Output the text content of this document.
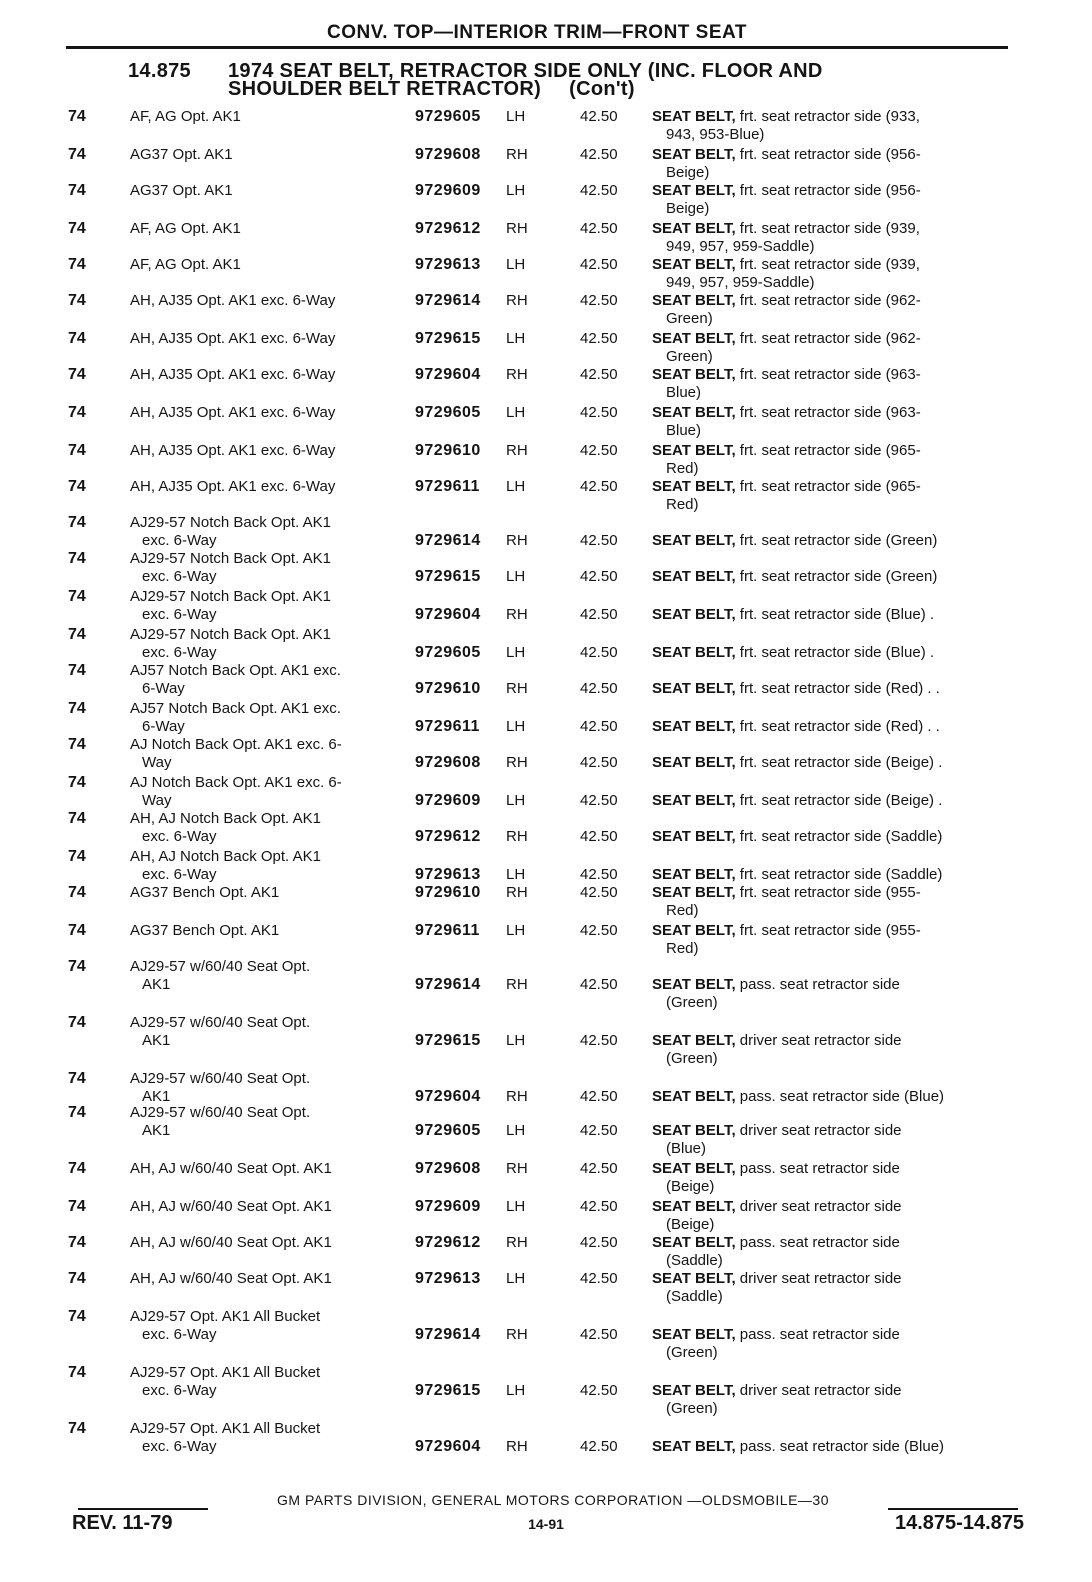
CONV. TOP—INTERIOR TRIM—FRONT SEAT
14.875 1974 SEAT BELT, RETRACTOR SIDE ONLY (INC. FLOOR AND
SHOULDER BELT RETRACTOR) (Con't)
74	AF, AG Opt. AK1	9729605 LH	42.50 SEAT BELT, frt. seat retractor side (933,
943, 953-Blue)
74	AG37 Opt. AK1	9729608 RH	42.50 SEAT BELT, frt. seat retractor side (956-
Beige)
74	AG37 Opt. AK1	9729609 LH	42.50 SEAT BELT, frt. seat retractor side (956-
Beige)
74	AF, AG Opt. AK1	9729612 RH	42.50 SEAT BELT, frt. seat retractor side (939,
949, 957, 959-Saddle)
74	AF, AG Opt. AK1	9729613 LH	42.50 SEAT BELT, frt. seat retractor side (939,
949, 957, 959-Saddle)
74	AH, AJ35 Opt. AK1 exc. 6-Way	9729614 RH	42.50 SEAT BELT, frt. seat retractor side (962-
Green)
74	AH, AJ35 Opt. AK1 exc. 6-Way	9729615 LH	42.50 SEAT BELT, frt. seat retractor side (962-
Green)
74	AH, AJ35 Opt. AK1 exc. 6-Way	9729604 RH	42.50 SEAT BELT, frt. seat retractor side (963-
Blue)
74	AH, AJ35 Opt. AK1 exc. 6-Way	9729605 LH	42.50 SEAT BELT, frt. seat retractor side (963-
Blue)
74	AH, AJ35 Opt. AK1 exc. 6-Way	9729610 RH	42.50 SEAT BELT, frt. seat retractor side (965-
Red)
74	AH, AJ35 Opt. AK1 exc. 6-Way	9729611 LH	42.50 SEAT BELT, frt. seat retractor side (965-
Red)
74	AJ29-57 Notch Back Opt. AK1
exc. 6-Way	9729614 RH	42.50 SEAT BELT, frt. seat retractor side (Green)
74	AJ29-57 Notch Back Opt. AK1
exc. 6-Way	9729615 LH	42.50 SEAT BELT, frt. seat retractor side (Green)
74	AJ29-57 Notch Back Opt. AK1
exc. 6-Way	9729604 RH	42.50 SEAT BELT, frt. seat retractor side (Blue) .
74	AJ29-57 Notch Back Opt. AK1
exc. 6-Way	9729605 LH	42.50 SEAT BELT, frt. seat retractor side (Blue) .
74	AJ57 Notch Back Opt. AK1 exc.
6-Way	9729610 RH	42.50 SEAT BELT, frt. seat retractor side (Red) . .
74	AJ57 Notch Back Opt. AK1 exc.
6-Way	9729611 LH	42.50 SEAT BELT, frt. seat retractor side (Red) . .
74	AJ Notch Back Opt. AK1 exc. 6-
Way	9729608 RH	42.50 SEAT BELT, frt. seat retractor side (Beige) .
74	AJ Notch Back Opt. AK1 exc. 6-
Way	9729609 LH	42.50 SEAT BELT, frt. seat retractor side (Beige) .
74	AH, AJ Notch Back Opt. AK1
exc. 6-Way	9729612 RH	42.50 SEAT BELT, frt. seat retractor side (Saddle)
74	AH, AJ Notch Back Opt. AK1
exc. 6-Way	9729613 LH	42.50 SEAT BELT, frt. seat retractor side (Saddle)
74	AG37 Bench Opt. AK1	9729610 RH	42.50 SEAT BELT, frt. seat retractor side (955-
Red)
74	AG37 Bench Opt. AK1	9729611 LH	42.50 SEAT BELT, frt. seat retractor side (955-
Red)
74	AJ29-57 w/60/40 Seat Opt.
AK1	9729614 RH	42.50 SEAT BELT, pass. seat retractor side
(Green)
74	AJ29-57 w/60/40 Seat Opt.
AK1	9729615 LH	42.50 SEAT BELT, driver seat retractor side
(Green)
74	AJ29-57 w/60/40 Seat Opt.
AK1	9729604 RH	42.50 SEAT BELT, pass. seat retractor side (Blue)
74	AJ29-57 w/60/40 Seat Opt.
AK1	9729605 LH	42.50 SEAT BELT, driver seat retractor side
(Blue)
74	AH, AJ w/60/40 Seat Opt. AK1	9729608 RH	42.50 SEAT BELT, pass. seat retractor side
(Beige)
74	AH, AJ w/60/40 Seat Opt. AK1	9729609 LH	42.50 SEAT BELT, driver seat retractor side
(Beige)
74	AH, AJ w/60/40 Seat Opt. AK1	9729612 RH	42.50 SEAT BELT, pass. seat retractor side
(Saddle)
74	AH, AJ w/60/40 Seat Opt. AK1	9729613 LH	42.50 SEAT BELT, driver seat retractor side
(Saddle)
74	AJ29-57 Opt. AK1 All Bucket
exc. 6-Way	9729614 RH	42.50 SEAT BELT, pass. seat retractor side
(Green)
74	AJ29-57 Opt. AK1 All Bucket
exc. 6-Way	9729615 LH	42.50 SEAT BELT, driver seat retractor side
(Green)
74	AJ29-57 Opt. AK1 All Bucket
exc. 6-Way	9729604 RH	42.50 SEAT BELT, pass. seat retractor side (Blue)
GM PARTS DIVISION, GENERAL MOTORS CORPORATION —OLDSMOBILE—30
REV. 11-79	14-91	14.875-14.875
